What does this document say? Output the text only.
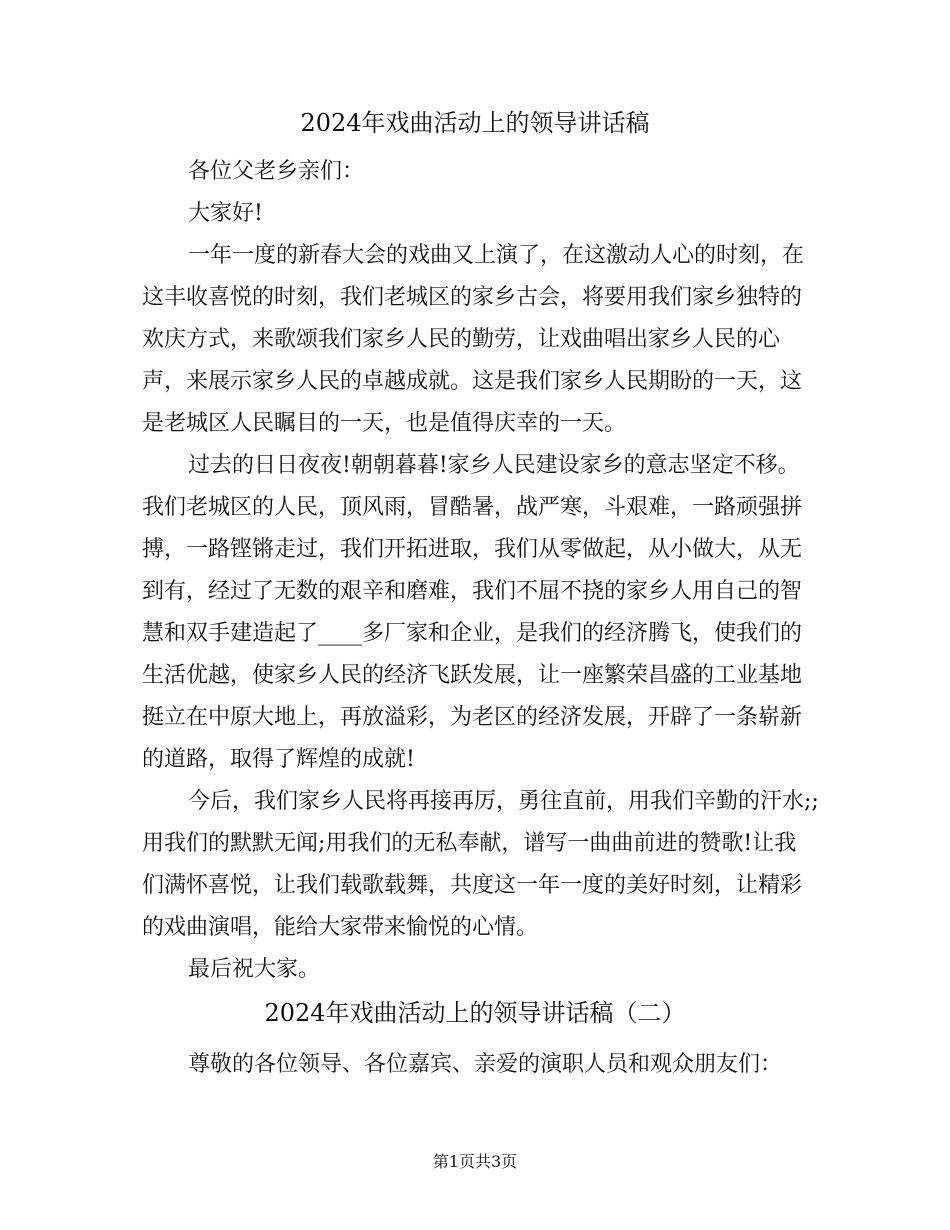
2024年戏曲活动上的领导讲话稿
各位父老乡亲们：
大家好!
一年一度的新春大会的戏曲又上演了，在这激动人心的时刻，在
这丰收喜悦的时刻，我们老城区的家乡古会，将要用我们家乡独特的
欢庆方式，来歌颂我们家乡人民的勤劳，让戏曲唱出家乡人民的心
声，来展示家乡人民的卓越成就。这是我们家乡人民期盼的一天，这
是老城区人民瞩目的一天，也是值得庆幸的一天。
过去的日日夜夜!朝朝暮暮!家乡人民建设家乡的意志坚定不移。
我们老城区的人民，顶风雨，冒酷暑，战严寒，斗艰难，一路顽强拼
搏，一路铿锵走过，我们开拓进取，我们从零做起，从小做大，从无
到有，经过了无数的艰辛和磨难，我们不屈不挠的家乡人用自己的智
慧和双手建造起了____多厂家和企业，是我们的经济腾飞，使我们的
生活优越，使家乡人民的经济飞跃发展，让一座繁荣昌盛的工业基地
挺立在中原大地上，再放溢彩，为老区的经济发展，开辟了一条崭新
的道路，取得了辉煌的成就!
今后，我们家乡人民将再接再厉，勇往直前，用我们辛勤的汗水;;
用我们的默默无闻;用我们的无私奉献，谱写一曲曲前进的赞歌!让我
们满怀喜悦，让我们载歌载舞，共度这一年一度的美好时刻，让精彩
的戏曲演唱，能给大家带来愉悦的心情。
最后祝大家。
2024年戏曲活动上的领导讲话稿（二）
尊敬的各位领导、各位嘉宾、亲爱的演职人员和观众朋友们：
第1页共3页
